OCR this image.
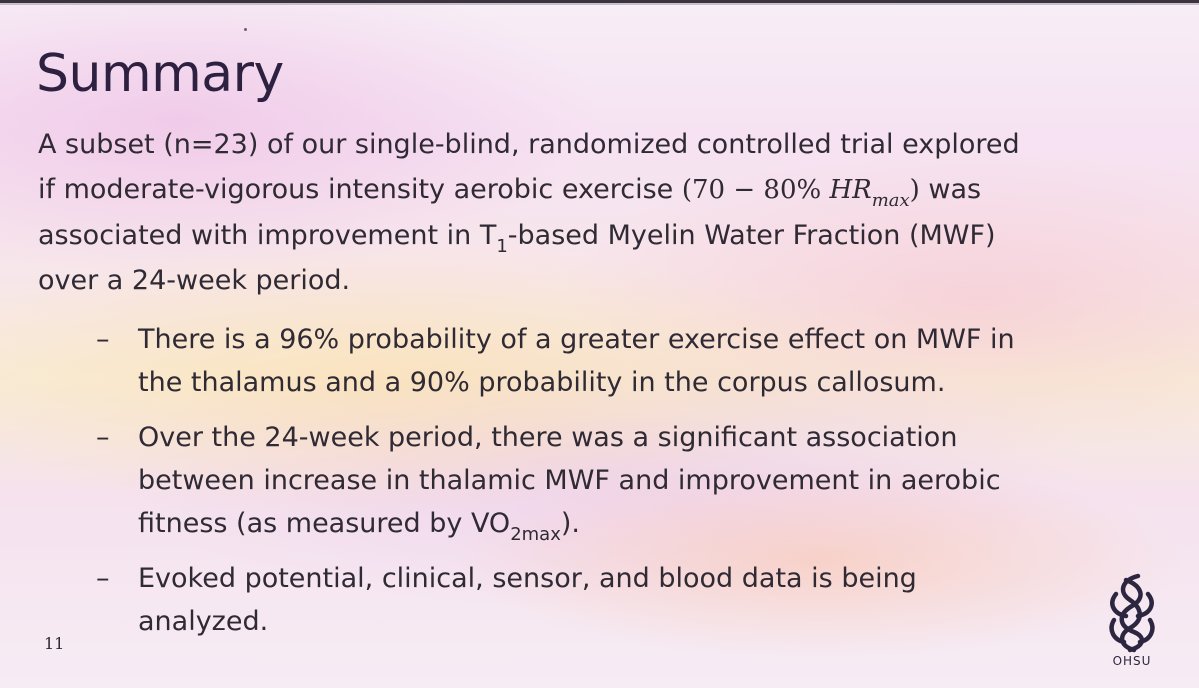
Summary
A subset (n=23) of our single-blind, randomized controlled trial explored
if moderate-vigorous intensity aerobic exercise (70 − 80% $HR_{max}$) was
associated with improvement in $T_1$-based Myelin Water Fraction (MWF)
over a 24-week period.
– There is a 96% probability of a greater exercise effect on MWF in
the thalamus and a 90% probability in the corpus callosum.
– Over the 24-week period, there was a significant association
between increase in thalamic MWF and improvement in aerobic
fitness (as measured by $VO_{2max}$).
– Evoked potential, clinical, sensor, and blood data is being
analyzed.
11
OHSU
